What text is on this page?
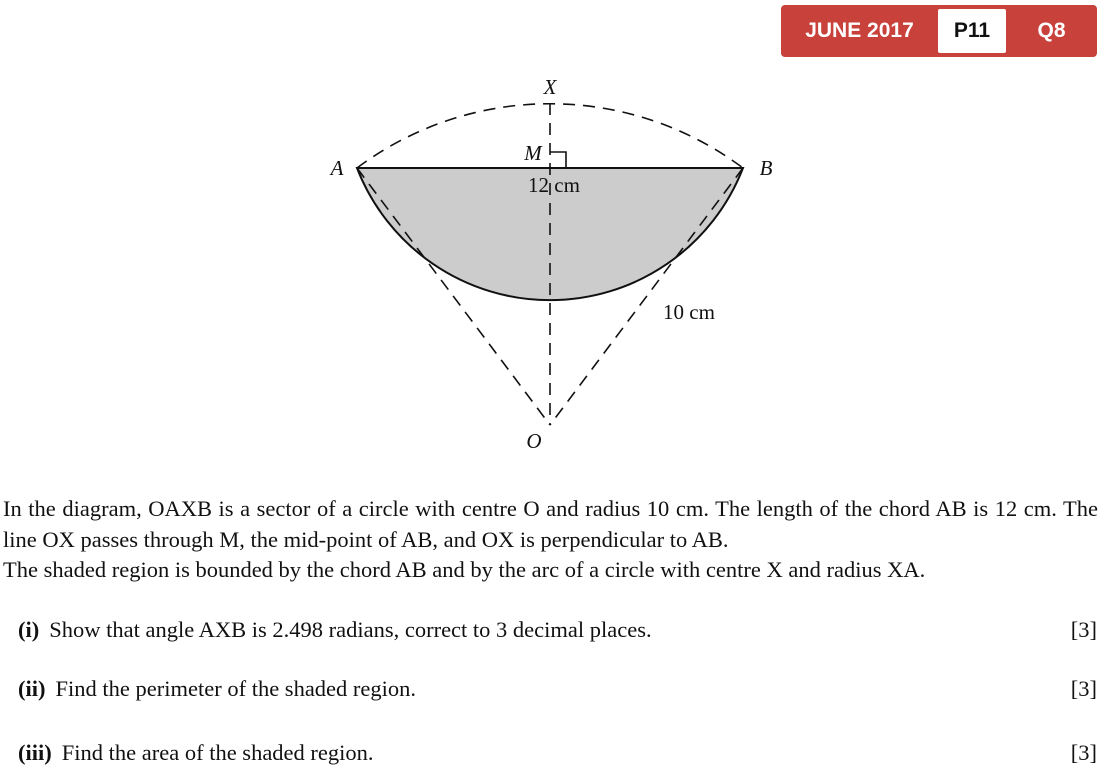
JUNE 2017	P11	Q8
X
M
A	B
O
12 cm
10 cm

In the diagram, OAXB is a sector of a circle with centre O and radius 10 cm. The length of the chord AB is 12 cm. The line OX passes through M, the mid-point of AB, and OX is perpendicular to AB.
The shaded region is bounded by the chord AB and by the arc of a circle with centre X and radius XA.

(i) Show that angle AXB is 2.498 radians, correct to 3 decimal places.	[3]
(ii) Find the perimeter of the shaded region.	[3]
(iii) Find the area of the shaded region.	[3]
